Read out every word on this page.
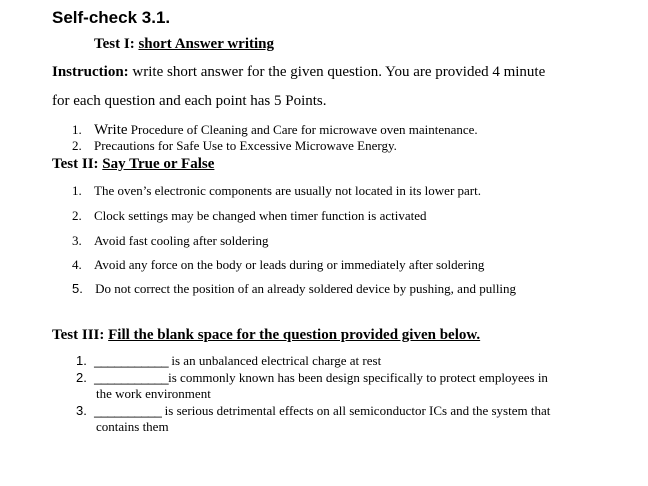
Self-check 3.1.
Test I: short Answer writing
Instruction: write short answer for the given question. You are provided 4 minute
for each question and each point has 5 Points.
1. Write Procedure of Cleaning and Care for microwave oven maintenance.
2. Precautions for Safe Use to Excessive Microwave Energy.
Test II: Say True or False
1. The oven’s electronic components are usually not located in its lower part.
2. Clock settings may be changed when timer function is activated
3. Avoid fast cooling after soldering
4. Avoid any force on the body or leads during or immediately after soldering
5. Do not correct the position of an already soldered device by pushing, and pulling
Test III: Fill the blank space for the question provided given below.
1. ___________ is an unbalanced electrical charge at rest
2. ___________is commonly known has been design specifically to protect employees in
the work environment
3. __________ is serious detrimental effects on all semiconductor ICs and the system that
contains them
